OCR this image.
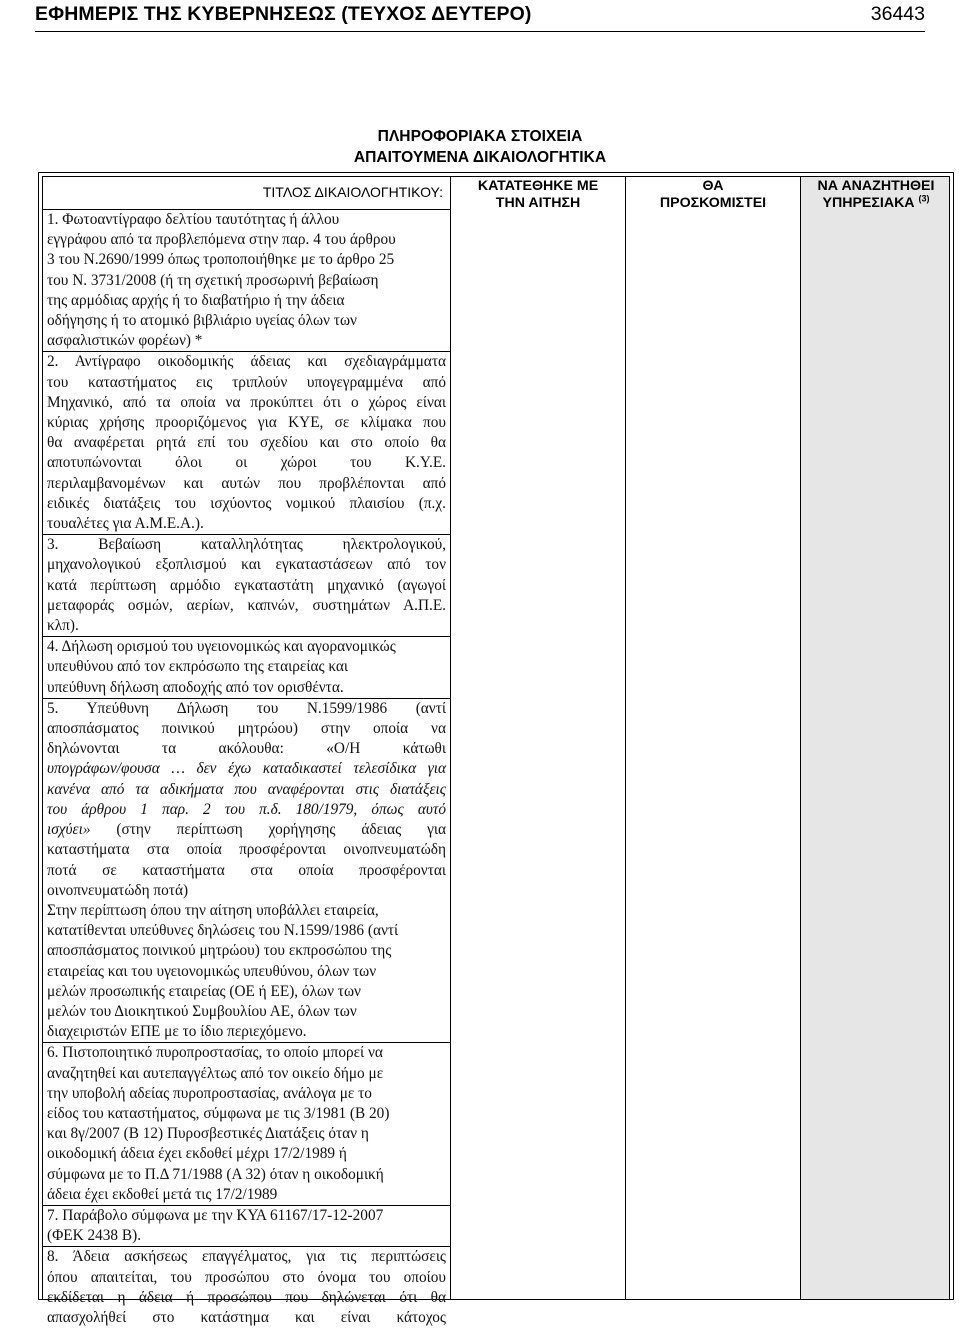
ΕΦΗΜΕΡΙΣ ΤΗΣ ΚΥΒΕΡΝΗΣΕΩΣ (ΤΕΥΧΟΣ ΔΕΥΤΕΡΟ)	36443
ΠΛΗΡΟΦΟΡΙΑΚΑ ΣΤΟΙΧΕΙΑ
ΑΠΑΙΤΟΥΜΕΝΑ ΔΙΚΑΙΟΛΟΓΗΤΙΚΑ
ΤΙΤΛΟΣ ΔΙΚΑΙΟΛΟΓΗΤΙΚΟΥ:	ΚΑΤΑΤΕΘΗΚΕ ΜΕ
ΤΗΝ ΑΙΤΗΣΗ
ΘΑ
ΠΡΟΣΚΟΜΙΣΤΕΙ
ΝΑ ΑΝΑΖΗΤΗΘΕΙ
ΥΠΗΡΕΣΙΑΚΑ $^{(3)}$

1. Φωτοαντίγραφο δελτίου ταυτότητας ή άλλου

εγγράφου από τα προβλεπόμενα στην παρ. 4 του άρθρου

3 του Ν.2690/1999 όπως τροποποιήθηκε με το άρθρο 25

του Ν. 3731/2008 (ή τη σχετική προσωρινή βεβαίωση

της αρμόδιας αρχής ή το διαβατήριο ή την άδεια

οδήγησης ή το ατομικό βιβλιάριο υγείας όλων των

ασφαλιστικών φορέων) *

2. Αντίγραφο οικοδομικής άδειας και σχεδιαγράμματα

του καταστήματος εις τριπλούν υπογεγραμμένα από

Μηχανικό, από τα οποία να προκύπτει ότι ο χώρος είναι

κύριας χρήσης προοριζόμενος για ΚΥΕ, σε κλίμακα που

θα αναφέρεται ρητά επί του σχεδίου και στο οποίο θα

αποτυπώνονται όλοι οι χώροι του Κ.Υ.Ε.

περιλαμβανομένων και αυτών που προβλέπονται από

ειδικές διατάξεις του ισχύοντος νομικού πλαισίου (π.χ.

τουαλέτες για Α.Μ.Ε.Α.).

3. Βεβαίωση καταλληλότητας ηλεκτρολογικού,

μηχανολογικού εξοπλισμού και εγκαταστάσεων από τον

κατά περίπτωση αρμόδιο εγκαταστάτη μηχανικό (αγωγοί

μεταφοράς οσμών, αερίων, καπνών, συστημάτων Α.Π.Ε.

κλπ).

4. Δήλωση ορισμού του υγειονομικώς και αγορανομικώς

υπευθύνου από τον εκπρόσωπο της εταιρείας και

υπεύθυνη δήλωση αποδοχής από τον ορισθέντα.

5. Υπεύθυνη Δήλωση του Ν.1599/1986 (αντί

αποσπάσματος ποινικού μητρώου) στην οποία να

δηλώνονται τα ακόλουθα: «Ο/Η κάτωθι

υπογράφων/φουσα … δεν έχω καταδικαστεί τελεσίδικα για

κανένα από τα αδικήματα που αναφέρονται στις διατάξεις

του άρθρου 1 παρ. 2 του π.δ. 180/1979, όπως αυτό

ισχύει» (στην περίπτωση χορήγησης άδειας για

καταστήματα στα οποία προσφέρονται οινοπνευματώδη

ποτά σε καταστήματα στα οποία προσφέρονται

οινοπνευματώδη ποτά)

Στην περίπτωση όπου την αίτηση υποβάλλει εταιρεία,

κατατίθενται υπεύθυνες δηλώσεις του Ν.1599/1986 (αντί

αποσπάσματος ποινικού μητρώου) του εκπροσώπου της

εταιρείας και του υγειονομικώς υπευθύνου, όλων των

μελών προσωπικής εταιρείας (ΟΕ ή ΕΕ), όλων των

μελών του Διοικητικού Συμβουλίου ΑΕ, όλων των

διαχειριστών ΕΠΕ με το ίδιο περιεχόμενο.

6. Πιστοποιητικό πυροπροστασίας, το οποίο μπορεί να

αναζητηθεί και αυτεπαγγέλτως από τον οικείο δήμο με

την υποβολή αδείας πυροπροστασίας, ανάλογα με το

είδος του καταστήματος, σύμφωνα με τις 3/1981 (Β 20)

και 8γ/2007 (Β 12) Πυροσβεστικές Διατάξεις όταν η

οικοδομική άδεια έχει εκδοθεί μέχρι 17/2/1989 ή

σύμφωνα με το Π.Δ 71/1988 (Α 32) όταν η οικοδομική

άδεια έχει εκδοθεί μετά τις 17/2/1989

7. Παράβολο σύμφωνα με την ΚΥΑ 61167/17-12-2007

(ΦΕΚ 2438 Β).

8. Άδεια ασκήσεως επαγγέλματος, για τις περιπτώσεις

όπου απαιτείται, του προσώπου στο όνομα του οποίου

εκδίδεται η άδεια ή προσώπου που δηλώνεται ότι θα

απασχολήθεί στο κατάστημα και είναι κάτοχος
